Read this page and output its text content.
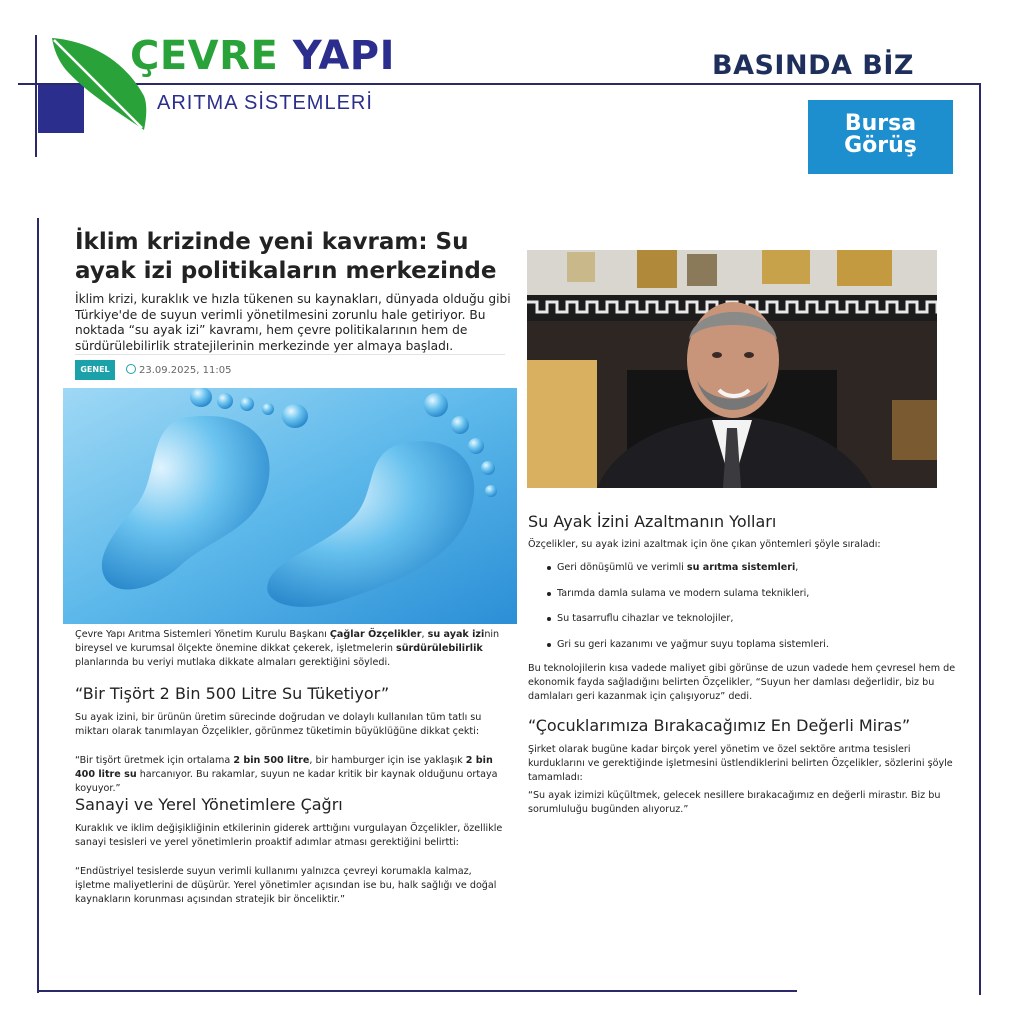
ÇEVRE YAPI
ARITMA SİSTEMLERİ
BASINDA BİZ
Bursa
Görüş
İklim krizinde yeni kavram: Su ayak izi politikaların merkezinde
İklim krizi, kuraklık ve hızla tükenen su kaynakları, dünyada olduğu gibi Türkiye'de de suyun verimli yönetilmesini zorunlu hale getiriyor. Bu noktada “su ayak izi” kavramı, hem çevre politikalarının hem de sürdürülebilirlik stratejilerinin merkezinde yer almaya başladı.
GENEL	23.09.2025, 11:05
Çevre Yapı Arıtma Sistemleri Yönetim Kurulu Başkanı Çağlar Özçelikler, su ayak izinin bireysel ve kurumsal ölçekte önemine dikkat çekerek, işletmelerin sürdürülebilirlik planlarında bu veriyi mutlaka dikkate almaları gerektiğini söyledi.
“Bir Tişört 2 Bin 500 Litre Su Tüketiyor”
Su ayak izini, bir ürünün üretim sürecinde doğrudan ve dolaylı kullanılan tüm tatlı su miktarı olarak tanımlayan Özçelikler, görünmez tüketimin büyüklüğüne dikkat çekti:
“Bir tişört üretmek için ortalama 2 bin 500 litre, bir hamburger için ise yaklaşık 2 bin 400 litre su harcanıyor. Bu rakamlar, suyun ne kadar kritik bir kaynak olduğunu ortaya koyuyor.”
Sanayi ve Yerel Yönetimlere Çağrı
Kuraklık ve iklim değişikliğinin etkilerinin giderek arttığını vurgulayan Özçelikler, özellikle sanayi tesisleri ve yerel yönetimlerin proaktif adımlar atması gerektiğini belirtti:
“Endüstriyel tesislerde suyun verimli kullanımı yalnızca çevreyi korumakla kalmaz, işletme maliyetlerini de düşürür. Yerel yönetimler açısından ise bu, halk sağlığı ve doğal kaynakların korunması açısından stratejik bir önceliktir.”
Su Ayak İzini Azaltmanın Yolları
Özçelikler, su ayak izini azaltmak için öne çıkan yöntemleri şöyle sıraladı:
Geri dönüşümlü ve verimli su arıtma sistemleri,
Tarımda damla sulama ve modern sulama teknikleri,
Su tasarruflu cihazlar ve teknolojiler,
Gri su geri kazanımı ve yağmur suyu toplama sistemleri.
Bu teknolojilerin kısa vadede maliyet gibi görünse de uzun vadede hem çevresel hem de ekonomik fayda sağladığını belirten Özçelikler, “Suyun her damlası değerlidir, biz bu damlaları geri kazanmak için çalışıyoruz” dedi.
“Çocuklarımıza Bırakacağımız En Değerli Miras”
Şirket olarak bugüne kadar birçok yerel yönetim ve özel sektöre arıtma tesisleri kurduklarını ve gerektiğinde işletmesini üstlendiklerini belirten Özçelikler, sözlerini şöyle tamamladı:
“Su ayak izimizi küçültmek, gelecek nesillere bırakacağımız en değerli mirastır. Biz bu sorumluluğu bugünden alıyoruz.”
